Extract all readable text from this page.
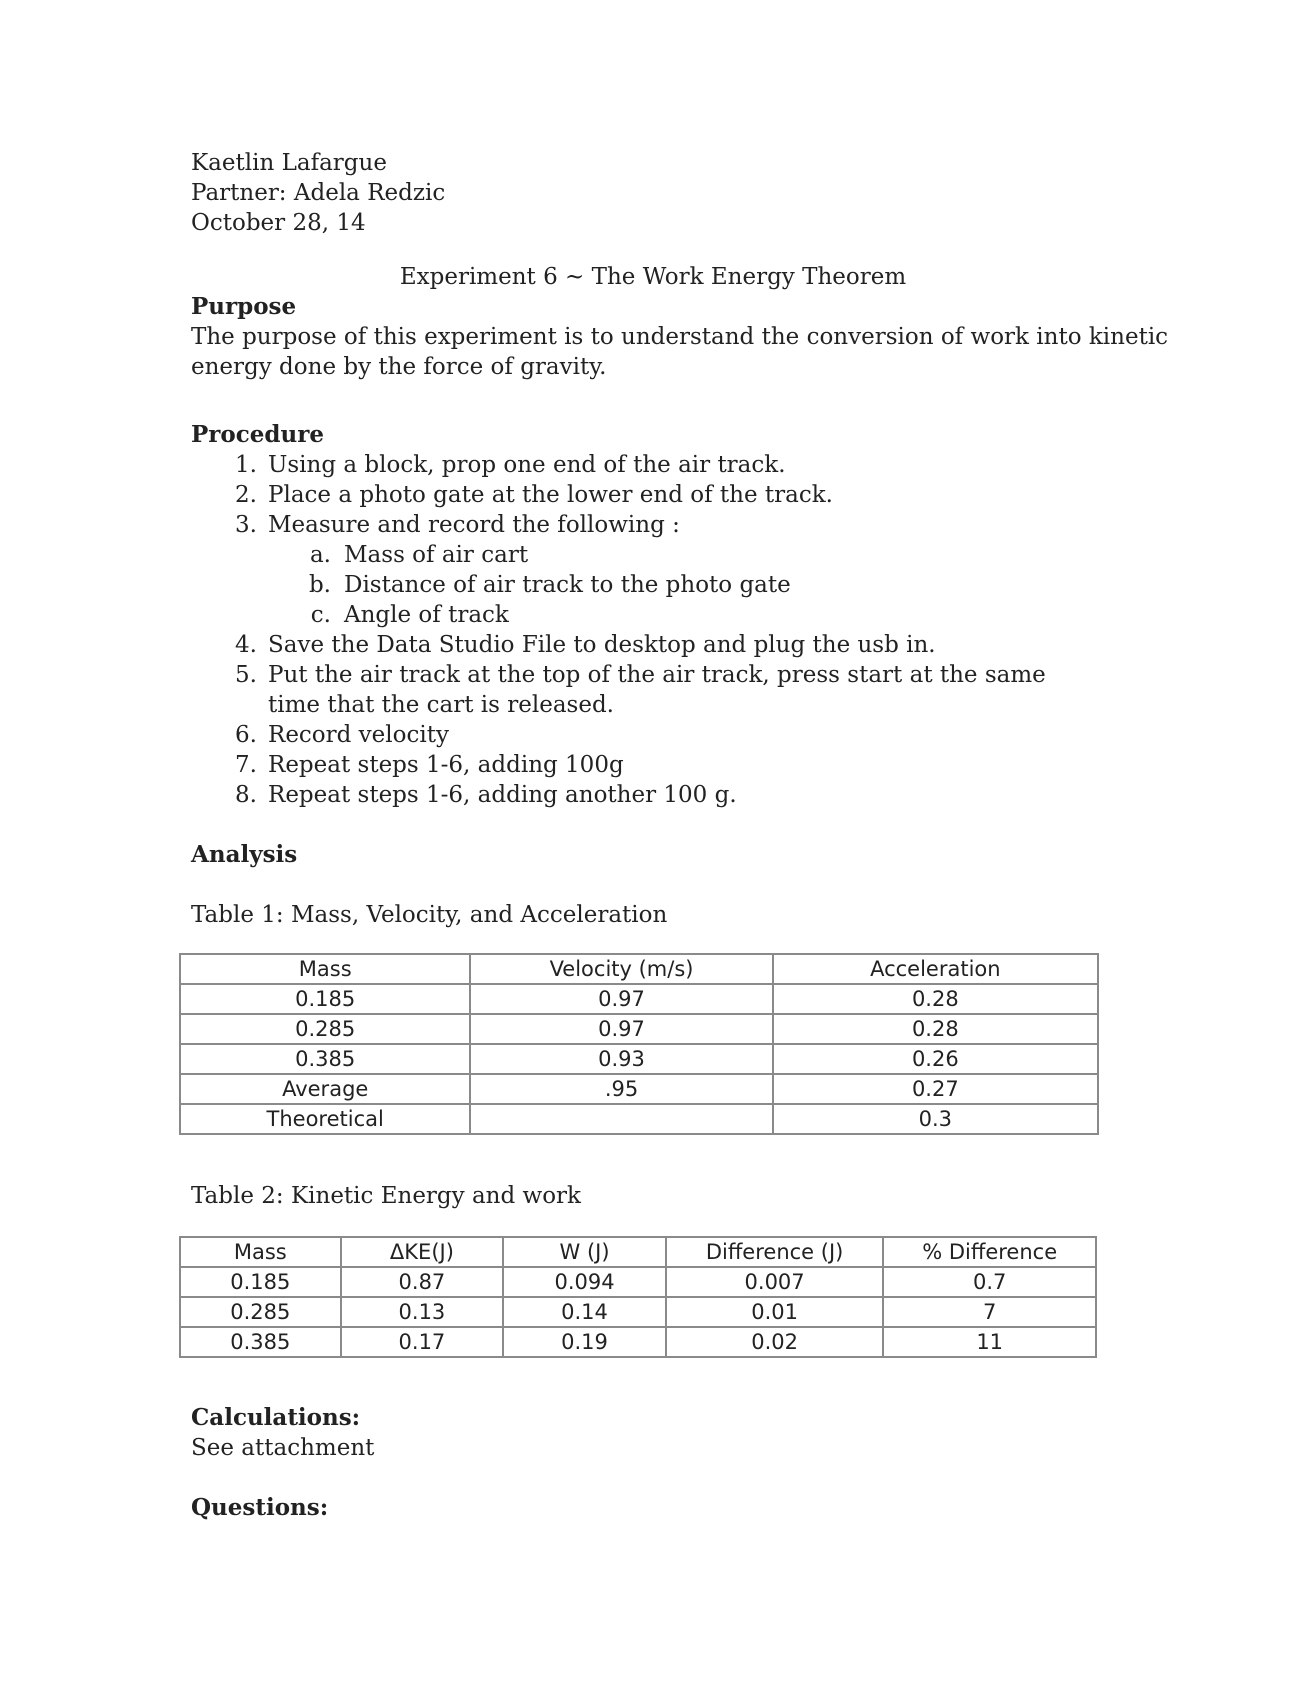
Kaetlin Lafargue
Partner: Adela Redzic
October 28, 14
Experiment 6 ~ The Work Energy Theorem
Purpose
The purpose of this experiment is to understand the conversion of work into kinetic
energy done by the force of gravity.
Procedure
1. Using a block, prop one end of the air track.
2. Place a photo gate at the lower end of the track.
3. Measure and record the following :
a. Mass of air cart
b. Distance of air track to the photo gate
c. Angle of track
4. Save the Data Studio File to desktop and plug the usb in.
5. Put the air track at the top of the air track, press start at the same time that the cart is released.
6. Record velocity
7. Repeat steps 1-6, adding 100g
8. Repeat steps 1-6, adding another 100 g.
Analysis
Table 1: Mass, Velocity, and Acceleration
Mass	Velocity (m/s)	Acceleration
0.185	0.97	0.28
0.285	0.97	0.28
0.385	0.93	0.26
Average	.95	0.27
Theoretical		0.3
Table 2: Kinetic Energy and work
Mass	ΔKE(J)	W (J)	Difference (J)	% Difference
0.185	0.87	0.094	0.007	0.7
0.285	0.13	0.14	0.01	7
0.385	0.17	0.19	0.02	11
Calculations:
See attachment
Questions:
